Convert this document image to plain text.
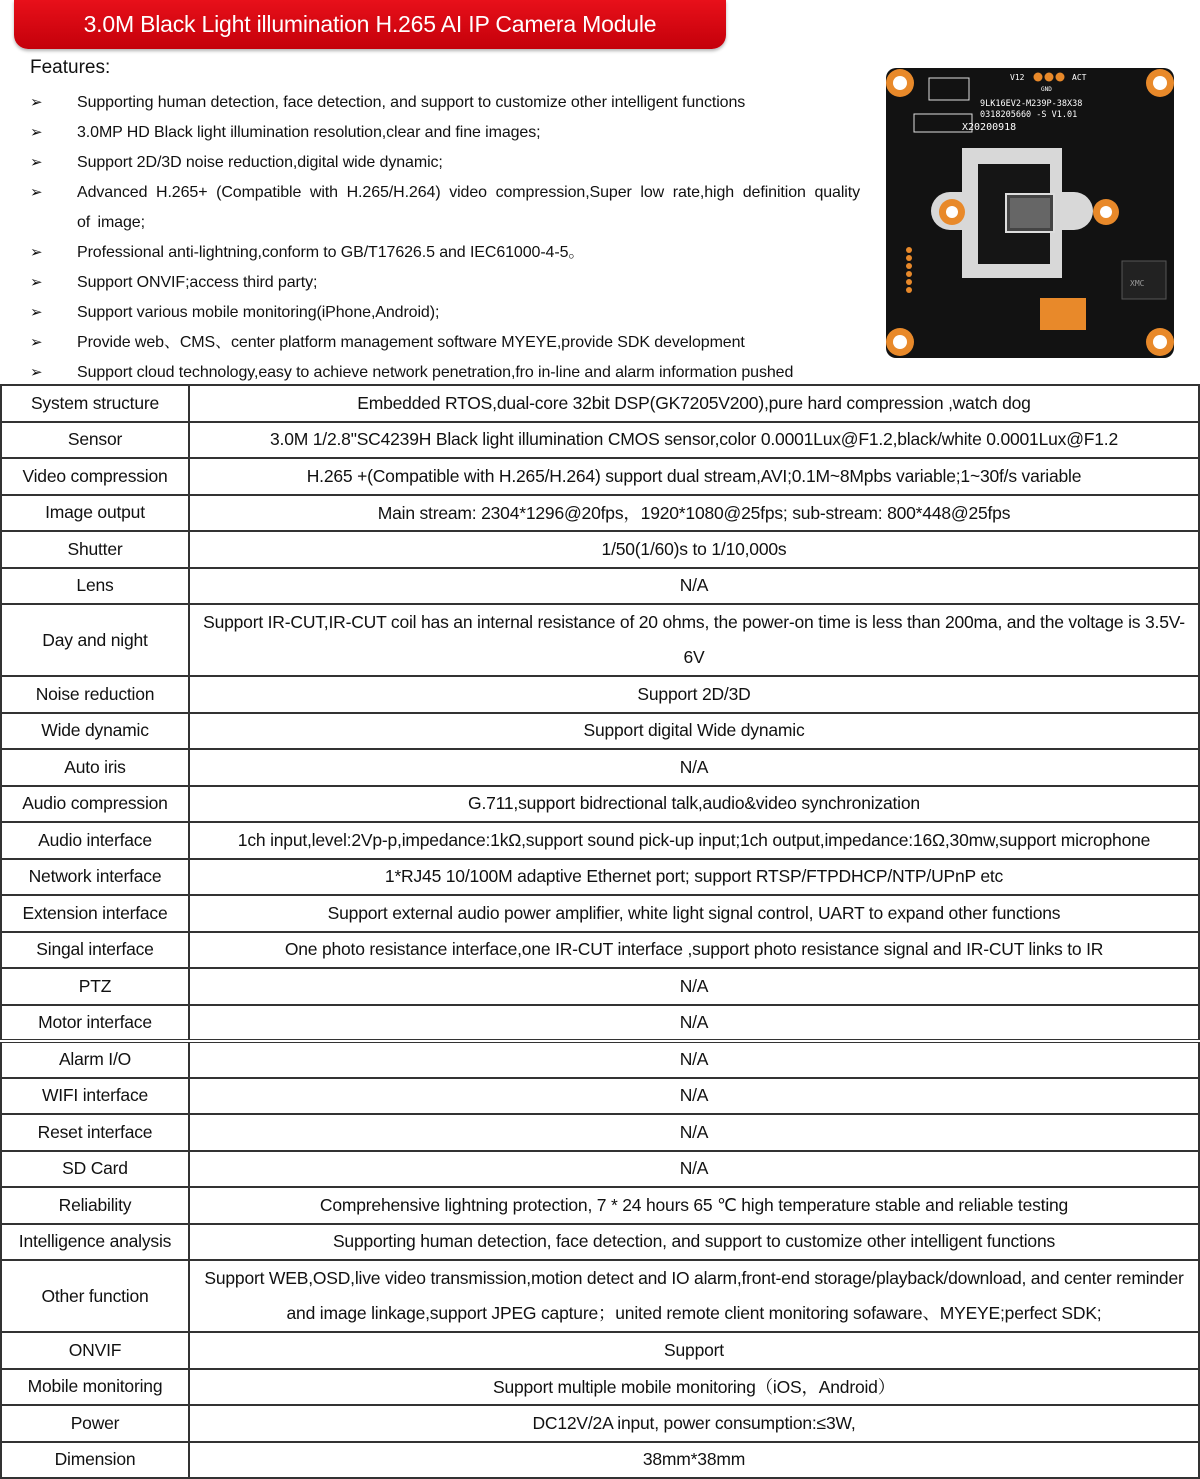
3.0M Black Light illumination H.265 AI IP Camera Module
Features:
➢ Supporting human detection, face detection, and support to customize other intelligent functions
➢ 3.0MP HD Black light illumination resolution,clear and fine images;
➢ Support 2D/3D noise reduction,digital wide dynamic;
➢ Advanced H.265+ (Compatible with H.265/H.264) video compression,Super low rate,high definition quality of image;
➢ Professional anti-lightning,conform to GB/T17626.5 and IEC61000-4-5。
➢ Support ONVIF;access third party;
➢ Support various mobile monitoring(iPhone,Android);
➢ Provide web、CMS、center platform management software MYEYE,provide SDK development
➢ Support cloud technology,easy to achieve network penetration,fro in-line and alarm information pushed
V12
GND
ACT
9LK16EV2-M239P-38X38
0318205660 -S V1.01
X20200918
XMC
System structure	Embedded RTOS,dual-core 32bit DSP(GK7205V200),pure hard compression ,watch dog
Sensor	3.0M 1/2.8"SC4239H Black light illumination CMOS sensor,color 0.0001Lux@F1.2,black/white 0.0001Lux@F1.2
Video compression	H.265 +(Compatible with H.265/H.264) support dual stream,AVI;0.1M~8Mpbs variable;1~30f/s variable
Image output	Main stream: 2304*1296@20fps，1920*1080@25fps; sub-stream: 800*448@25fps
Shutter	1/50(1/60)s to 1/10,000s
Lens	N/A
Day and night	Support IR-CUT,IR-CUT coil has an internal resistance of 20 ohms, the power-on time is less than 200ma, and the voltage is 3.5V-6V
Noise reduction	Support 2D/3D
Wide dynamic	Support digital Wide dynamic
Auto iris	N/A
Audio compression	G.711,support bidrectional talk,audio&video synchronization
Audio interface	1ch input,level:2Vp-p,impedance:1kΩ,support sound pick-up input;1ch output,impedance:16Ω,30mw,support microphone
Network interface	1*RJ45 10/100M adaptive Ethernet port; support RTSP/FTPDHCP/NTP/UPnP etc
Extension interface	Support external audio power amplifier, white light signal control, UART to expand other functions
Singal interface	One photo resistance interface,one IR-CUT interface ,support photo resistance signal and IR-CUT links to IR
PTZ	N/A
Motor interface	N/A
Alarm I/O	N/A
WIFI interface	N/A
Reset interface	N/A
SD Card	N/A
Reliability	Comprehensive lightning protection, 7 * 24 hours 65 ℃ high temperature stable and reliable testing
Intelligence analysis	Supporting human detection, face detection, and support to customize other intelligent functions
Other function	Support WEB,OSD,live video transmission,motion detect and IO alarm,front-end storage/playback/download, and center reminder and image linkage,support JPEG capture；united remote client monitoring sofaware、MYEYE;perfect SDK;
ONVIF	Support
Mobile monitoring	Support multiple mobile monitoring（iOS，Android）
Power	DC12V/2A input, power consumption:≤3W,
Dimension	38mm*38mm
